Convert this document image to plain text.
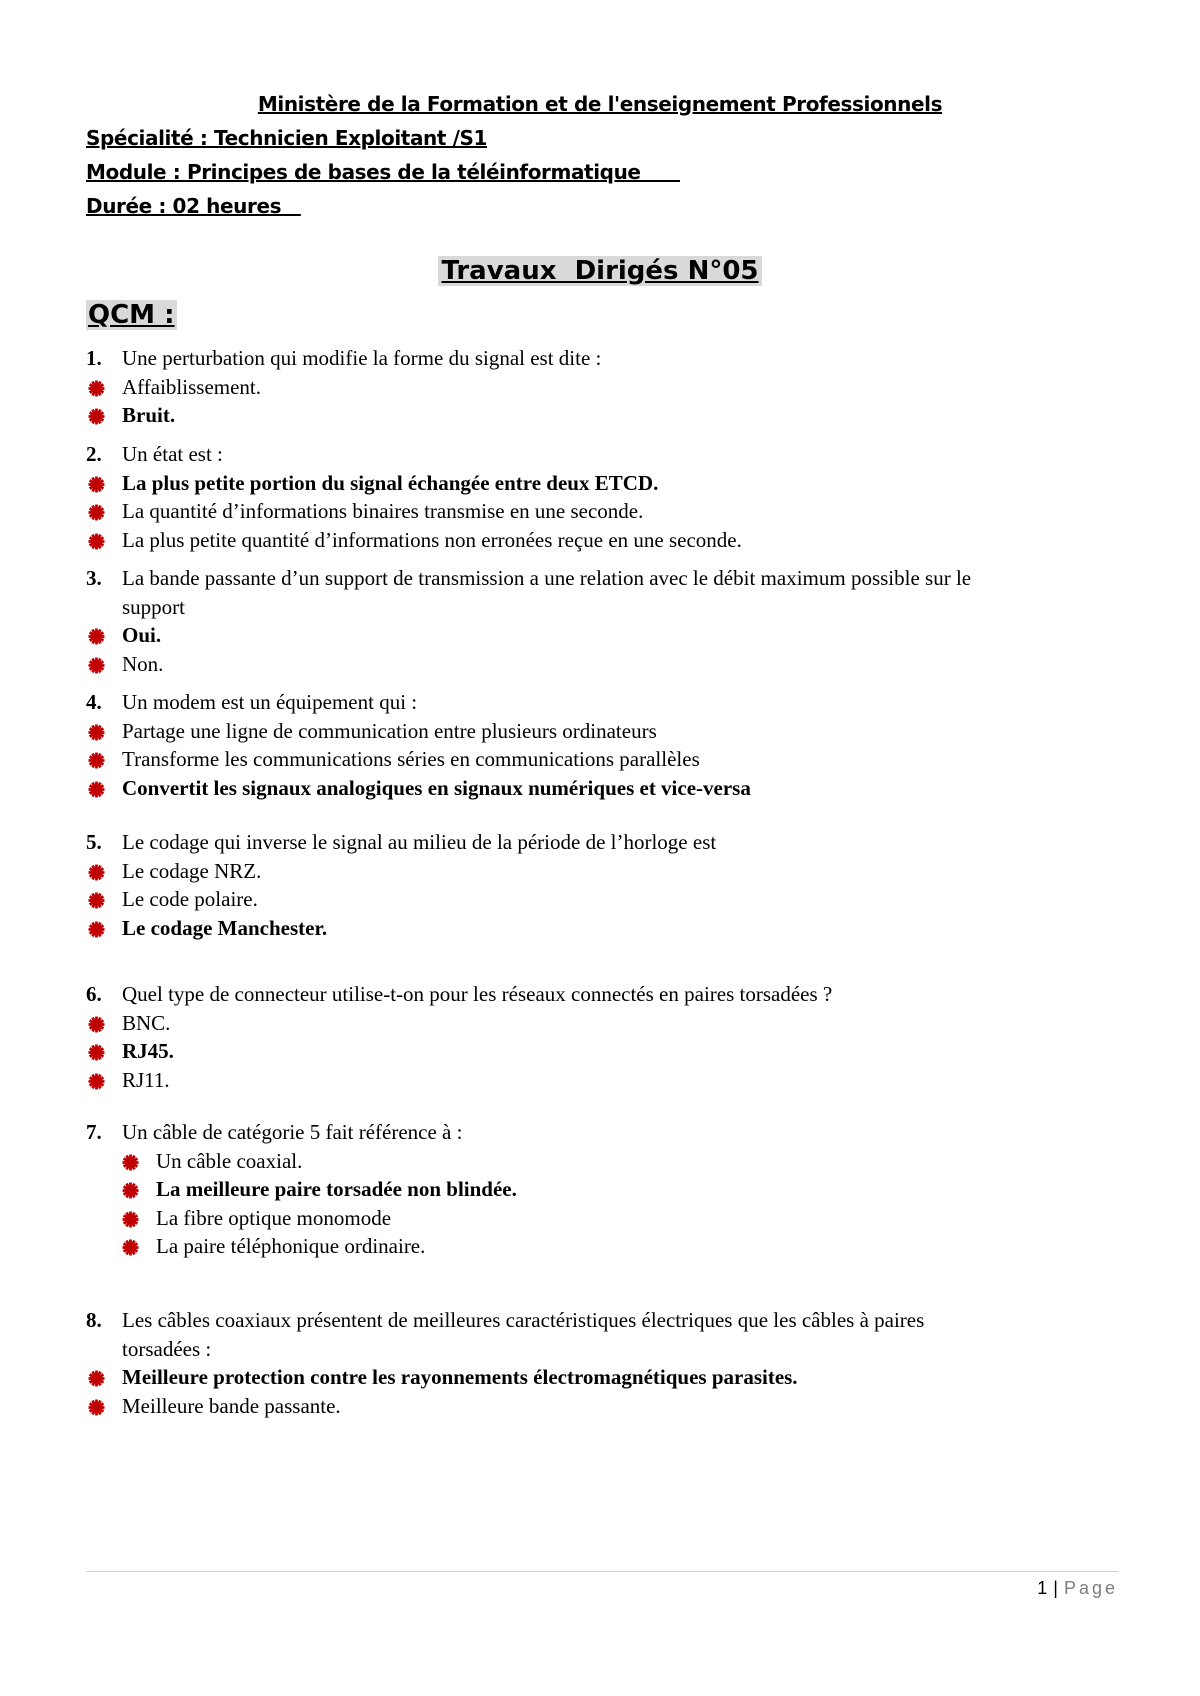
Ministère de la Formation et de l'enseignement Professionnels
Spécialité : Technicien Exploitant /S1
Module : Principes de bases de la téléinformatique
Durée : 02 heures
Travaux  Dirigés N°05
QCM :
1. Une perturbation qui modifie la forme du signal est dite :
Affaiblissement.
Bruit.
2. Un état est :
La plus petite portion du signal échangée entre deux ETCD.
La quantité d’informations binaires transmise en une seconde.
La plus petite quantité d’informations non erronées reçue en une seconde.
3. La bande passante d’un support de transmission a une relation avec le débit maximum possible sur le
support
Oui.
Non.
4. Un modem est un équipement qui :
Partage une ligne de communication entre plusieurs ordinateurs
Transforme les communications séries en communications parallèles
Convertit les signaux analogiques en signaux numériques et vice-versa
5. Le codage qui inverse le signal au milieu de la période de l’horloge est
Le codage NRZ.
Le code polaire.
Le codage Manchester.
6. Quel type de connecteur utilise-t-on pour les réseaux connectés en paires torsadées ?
BNC.
RJ45.
RJ11.
7. Un câble de catégorie 5 fait référence à :
Un câble coaxial.
La meilleure paire torsadée non blindée.
La fibre optique monomode
La paire téléphonique ordinaire.
8. Les câbles coaxiaux présentent de meilleures caractéristiques électriques que les câbles à paires
torsadées :
Meilleure protection contre les rayonnements électromagnétiques parasites.
Meilleure bande passante.
1 | Page
